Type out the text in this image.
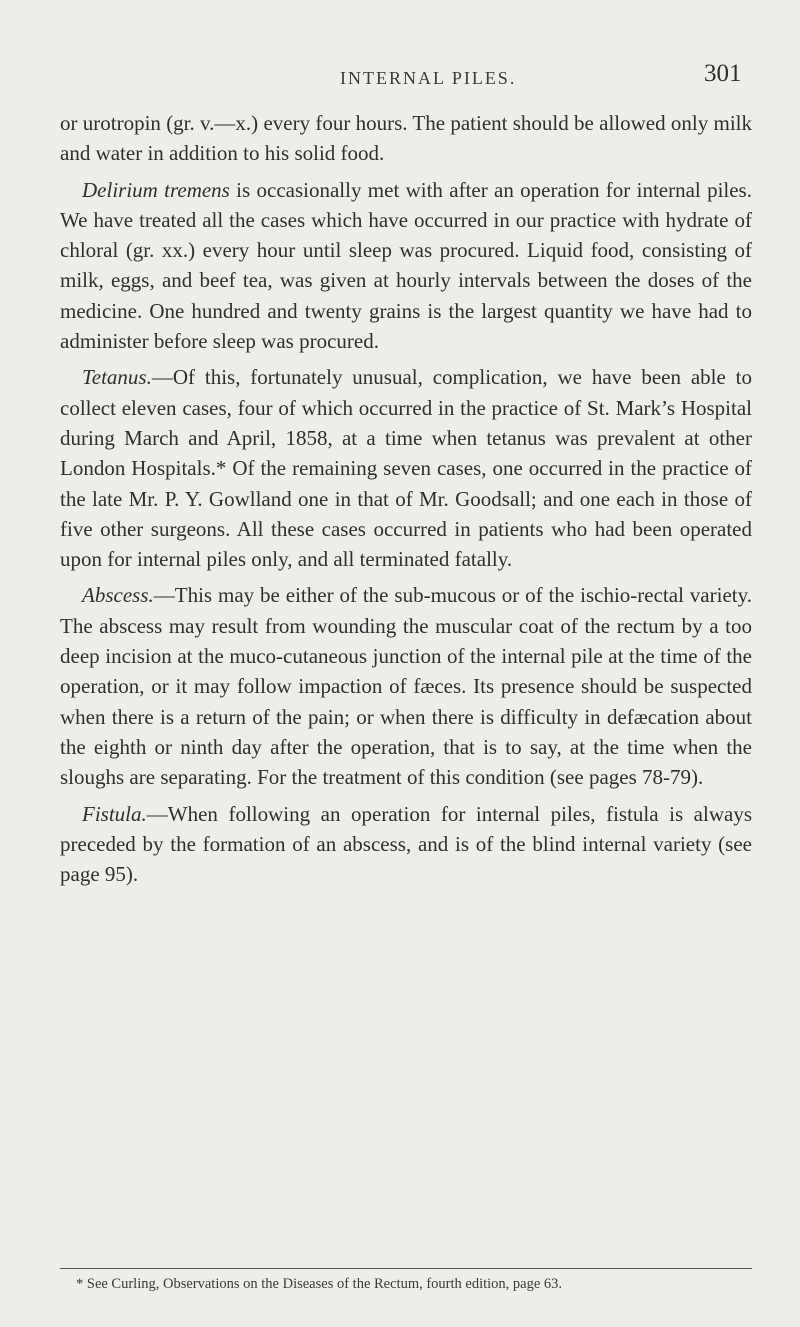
INTERNAL PILES.	301

or urotropin (gr. v.—x.) every four hours. The patient should be allowed only milk and water in addition to his solid food.

Delirium tremens is occasionally met with after an operation for internal piles. We have treated all the cases which have occurred in our practice with hydrate of chloral (gr. xx.) every hour until sleep was procured. Liquid food, consisting of milk, eggs, and beef tea, was given at hourly intervals between the doses of the medicine. One hundred and twenty grains is the largest quantity we have had to administer before sleep was procured.

Tetanus.—Of this, fortunately unusual, complication, we have been able to collect eleven cases, four of which occurred in the practice of St. Mark’s Hospital during March and April, 1858, at a time when tetanus was prevalent at other London Hospitals.* Of the remaining seven cases, one occurred in the practice of the late Mr. P. Y. Gowlland one in that of Mr. Goodsall; and one each in those of five other surgeons. All these cases occurred in patients who had been operated upon for internal piles only, and all terminated fatally.

Abscess.—This may be either of the sub-mucous or of the ischio-rectal variety. The abscess may result from wounding the muscular coat of the rectum by a too deep incision at the muco-cutaneous junction of the internal pile at the time of the operation, or it may follow impaction of fæces. Its presence should be suspected when there is a return of the pain; or when there is difficulty in defæcation about the eighth or ninth day after the operation, that is to say, at the time when the sloughs are separating. For the treatment of this condition (see pages 78-79).

Fistula.—When following an operation for internal piles, fistula is always preceded by the formation of an abscess, and is of the blind internal variety (see page 95).

* See Curling, Observations on the Diseases of the Rectum, fourth edition, page 63.
